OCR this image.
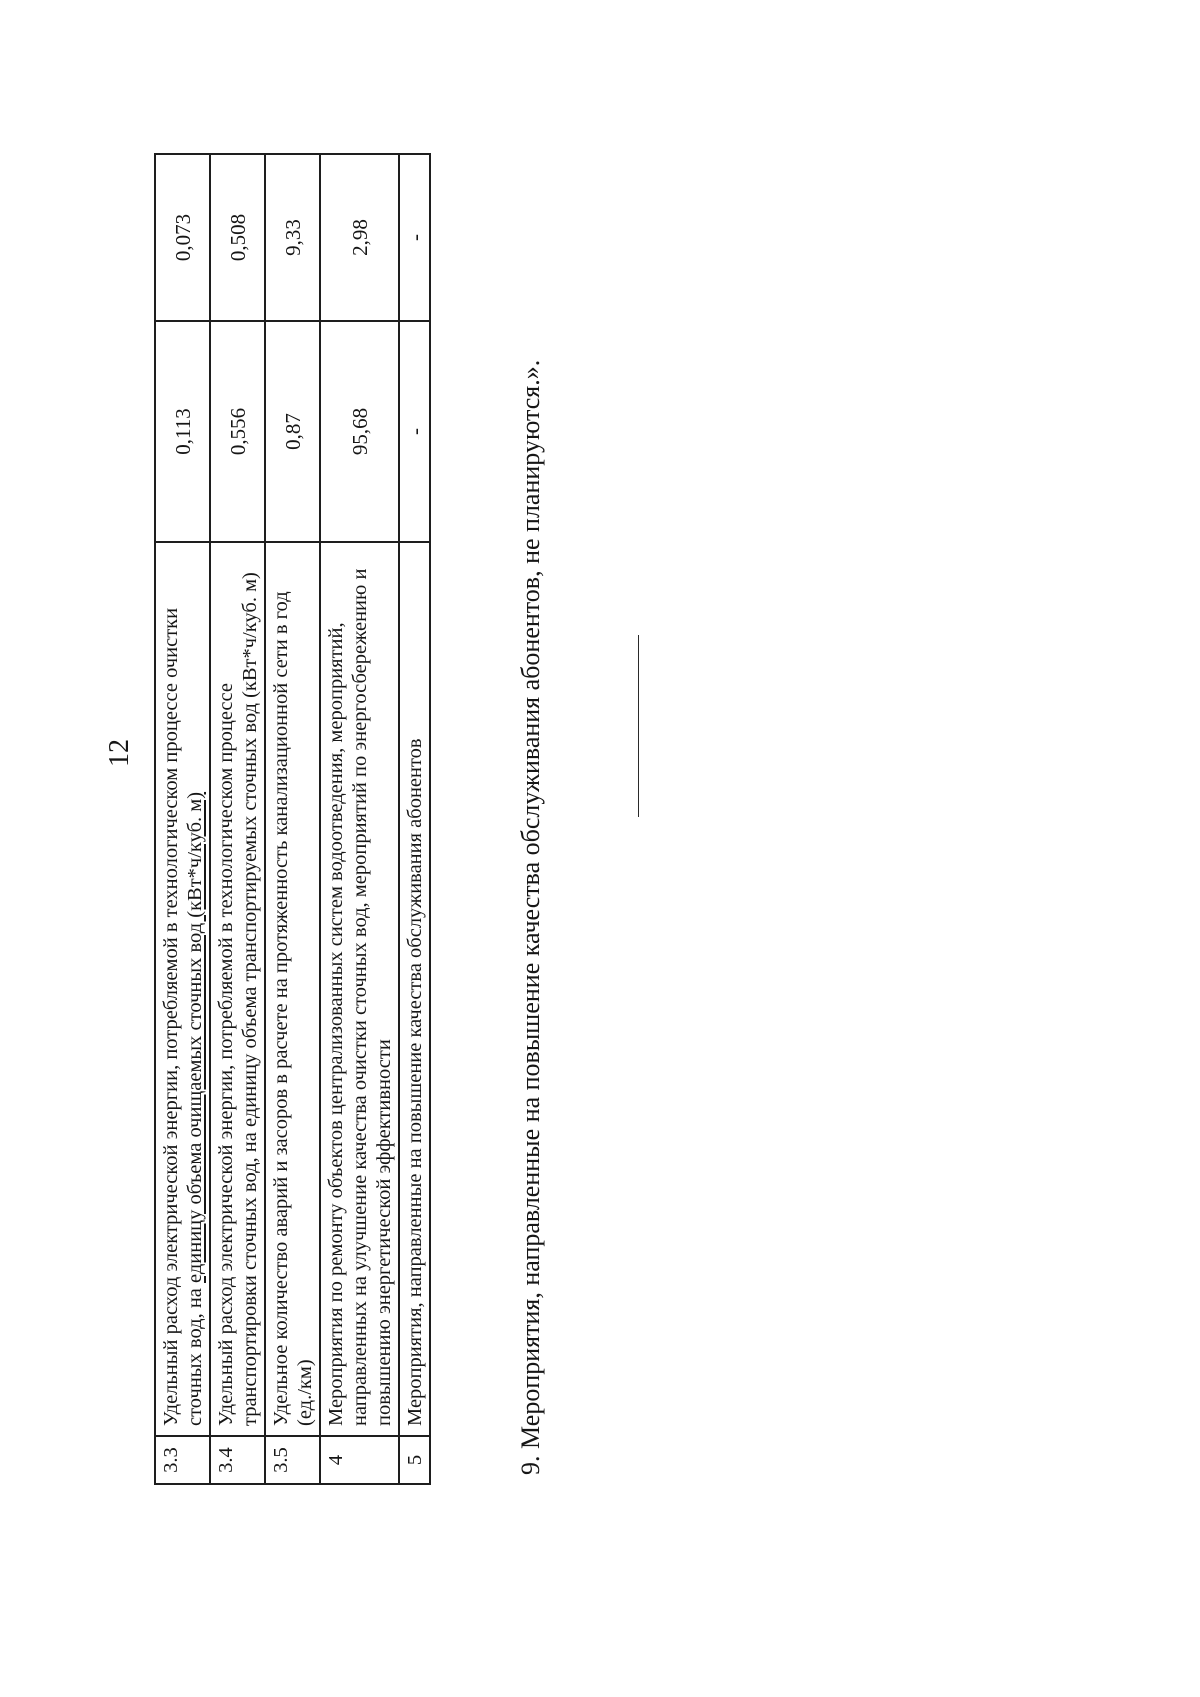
12
3.3	Удельный расход электрической энергии, потребляемой в технологическом процессе очистки
сточных вод, на единицу объема очищаемых сточных вод (кВт*ч/куб. м)	0,113	0,073
3.4	Удельный расход электрической энергии, потребляемой в технологическом процессе транспортировки сточных вод, на единицу объема транспортируемых сточных вод (кВт*ч/куб. м)	0,556	0,508
3.5	Удельное количество аварий и засоров в расчете на протяженность канализационной сети в год (ед./км)	0,87	9,33
4	Мероприятия по ремонту объектов централизованных систем водоотведения, мероприятий, направленных на улучшение качества очистки сточных вод, мероприятий по энергосбережению и повышению энергетической эффективности	95,68	2,98
5	Мероприятия, направленные на повышение качества обслуживания абонентов	-	-
9. Мероприятия, направленные на повышение качества обслуживания абонентов, не планируются.».
